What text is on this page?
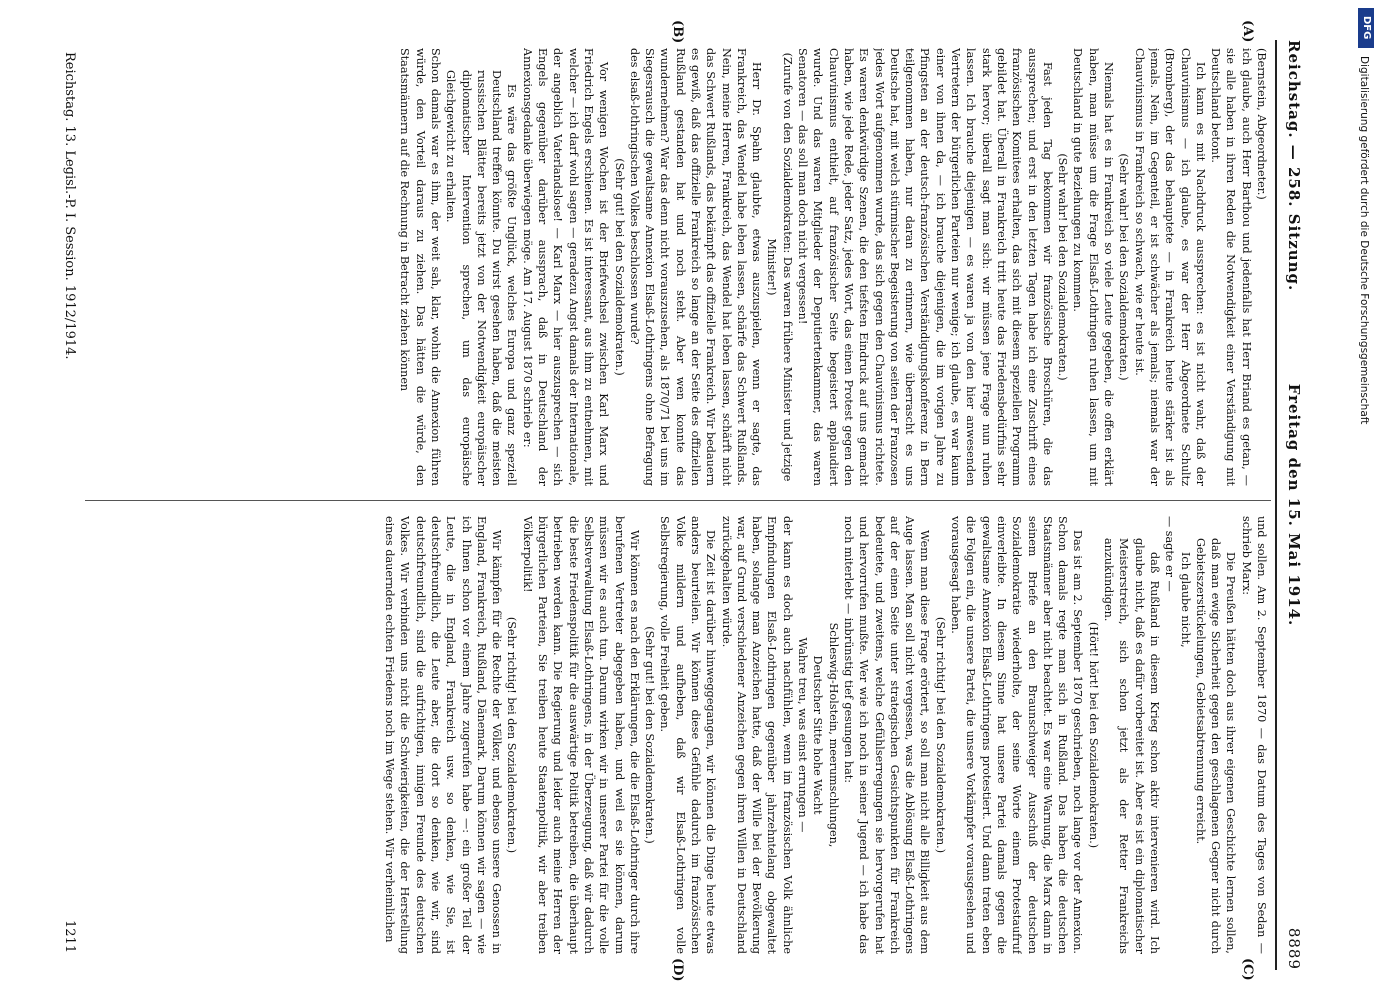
Reichstag. — 258. Sitzung.
Freitag den 15. Mai 1914.
8889
(A)
(B)
(C)
(D)

(Bernstein, Abgeordneter.)

ich glaube, auch Herr Barthou und jedenfalls hat Herr Briand es getan, — sie alle haben in ihren Reden die Notwendigkeit einer Verständigung mit Deutschland betont.

Ich kann es mit Nachdruck aussprechen: es ist nicht wahr, daß der Chauvinismus — ich glaube, es war der Herr Abgeordnete Schultz (Bromberg), der das behauptete — in Frankreich heute stärker ist als jemals. Nein, im Gegenteil, er ist schwächer als jemals; niemals war der Chauvinismus in Frankreich so schwach, wie er heute ist.

(Sehr wahr! bei den Sozialdemokraten.)

Niemals hat es in Frankreich so viele Leute gegeben, die offen erklärt haben, man müsse um die Frage Elsaß-Lothringen ruhen lassen, um mit Deutschland in gute Beziehungen zu kommen.

(Sehr wahr! bei den Sozialdemokraten.)

Fast jeden Tag bekommen wir französische Broschüren, die das aussprechen; und erst in den letzten Tagen habe ich eine Zuschrift eines französischen Komitees erhalten, das sich mit diesem speziellen Programm gebildet hat. Überall in Frankreich tritt heute das Friedensbedürfnis sehr stark hervor; überall sagt man sich: wir müssen jene Frage nun ruhen lassen. Ich brauche diejenigen — es waren ja von den hier anwesenden Vertretern der bürgerlichen Parteien nur wenige; ich glaube, es war kaum einer von ihnen da, — ich brauche diejenigen, die im vorigen Jahre zu Pfingsten an der deutsch-französischen Verständigungskonferenz in Bern teilgenommen haben, nur daran zu erinnern, wie überrascht es uns Deutsche hat, mit welch stürmischer Begeisterung von seiten der Franzosen jedes Wort aufgenommen wurde, das sich gegen den Chauvinismus richtete. Es waren denkwürdige Szenen, die den tiefsten Eindruck auf uns gemacht haben, wie jede Rede, jeder Satz, jedes Wort, das einen Protest gegen den Chauvinismus enthielt, auf französischer Seite begeistert applaudiert wurde. Und das waren Mitglieder der Deputiertenkammer, das waren Senatoren — das soll man doch nicht vergessen!

(Zurufe von den Sozialdemokraten: Das waren frühere Minister und jetzige Minister!)

Herr Dr. Spahn glaubte, etwas auszuspielen, wenn er sagte, das Frankreich, das Wendel habe leben lassen, schärfe das Schwert Rußlands. Nein, meine Herren, Frankreich, das Wendel hat leben lassen, schärft nicht das Schwert Rußlands, das bekämpft das offizielle Frankreich. Wir bedauern es gewiß, daß das offizielle Frankreich so lange an der Seite des offiziellen Rußland gestanden hat und noch steht. Aber wen konnte das wundernehmen? War das denn nicht vorauszusehen, als 1870/71 bei uns im Siegesrausch die gewaltsame Annexion Elsaß-Lothringens ohne Befragung des elsaß-lothringischen Volkes beschlossen wurde?

(Sehr gut! bei den Sozialdemokraten.)

Vor wenigen Wochen ist der Briefwechsel zwischen Karl Marx und Friedrich Engels erschienen. Es ist interessant, aus ihm zu entnehmen, mit welcher — ich darf wohl sagen — geradezu Angst damals der Internationale, der angeblich Vaterlandslose! — Karl Marx — hier auszusprechen — sich Engels gegenüber darüber aussprach, daß in Deutschland der Annexionsgedanke überwiegen möge. Am 17. August 1870 schrieb er:

Es wäre das größte Unglück, welches Europa und ganz speziell Deutschland treffen könnte. Du wirst gesehen haben, daß die meisten russischen Blätter bereits jetzt von der Notwendigkeit europäischer diplomatischer Intervention sprechen, um das europäische Gleichgewicht zu erhalten.

Schon damals war es ihm, der weit sah, klar, wohin die Annexion führen würde, den Vorteil daraus zu ziehen. Das hätten die würde, den Staatsmännern auf die Rechnung in Betracht ziehen können

und sollen. Am 2. September 1870 — das Datum des Tages von Sedan — schrieb Marx:

Die Preußen hätten doch aus ihrer eigenen Geschichte lernen sollen, daß man ewige Sicherheit gegen den geschlagenen Gegner nicht durch Gebietszerstückelungen, Gebietsabtrennung erreicht.

Ich glaube nicht,

— sagte er —

daß Rußland in diesem Krieg schon aktiv intervenieren wird. Ich glaube nicht, daß es dafür vorbereitet ist. Aber es ist ein diplomatischer Meisterstreich, sich schon jetzt als der Retter Frankreichs anzukündigen.

(Hört! hört! bei den Sozialdemokraten.)

Das ist am 2. September 1870 geschrieben, noch lange vor der Annexion. Schon damals regte man sich in Rußland. Das haben die deutschen Staatsmänner aber nicht beachtet. Es war eine Warnung, die Marx dann in seinem Briefe an den Braunschweiger Ausschuß der deutschen Sozialdemokratie wiederholte, der seine Worte einem Protestaufruf einverleibte. In diesem Sinne hat unsere Partei damals gegen die gewaltsame Annexion Elsaß-Lothringens protestiert. Und dann traten eben die Folgen ein, die unsere Partei, die unsere Vorkämpfer vorausgesehen und vorausgesagt haben.

(Sehr richtig! bei den Sozialdemokraten.)

Wenn man diese Frage erörtert, so soll man nicht alle Billigkeit aus dem Auge lassen. Man soll nicht vergessen, was die Ablösung Elsaß-Lothringens auf der einen Seite unter strategischen Gesichtspunkten für Frankreich bedeutete, und zweitens, welche Gefühlserregungen sie hervorgerufen hat und hervorrufen mußte. Wer wie ich noch in seiner Jugend — ich habe das noch miterlebt — inbrünstig tief gesungen hat:

Schleswig-Holstein, meerumschlungen,

Deutscher Sitte hohe Wacht

Wahre treu, was einst errungen —

der kann es doch auch nachfühlen, wenn im französischen Volk ähnliche Empfindungen Elsaß-Lothringen gegenüber jahrzehntelang obgewaltet haben, solange man Anzeichen hatte, daß der Wille bei der Bevölkerung war, auf Grund verschiedener Anzeichen gegen ihren Willen in Deutschland zurückgehalten würde.

Die Zeit ist darüber hinweggegangen, wir können die Dinge heute etwas anders beurteilen. Wir können diese Gefühle dadurch im französischen Volke mildern und aufheben, daß wir Elsaß-Lothringen volle Selbstregierung, volle Freiheit geben.

(Sehr gut! bei den Sozialdemokraten.)

Wir können es nach den Erklärungen, die die Elsaß-Lothringer durch ihre berufenen Vertreter abgegeben haben, und weil es sie können, darum müssen wir es auch tun. Darum wirken wir in unserer Partei für die volle Selbstverwaltung Elsaß-Lothringens, in der Überzeugung, daß wir dadurch die beste Friedenspolitik für die auswärtige Politik betreiben, die überhaupt betrieben werden kann. Die Regierung und leider auch meine Herren der bürgerlichen Parteien, Sie treiben heute Staatenpolitik, wir aber treiben Völkerpolitik!

(Sehr richtig! bei den Sozialdemokraten.)

Wir kämpfen für die Rechte der Völker, und ebenso unsere Genossen in England, Frankreich, Rußland, Dänemark. Darum können wir sagen — wie ich Ihnen schon vor einem Jahre zugerufen habe —: ein großer Teil der Leute, die in England, Frankreich usw. so denken, wie Sie, ist deutschfreundlich, die Leute aber, die dort so denken, wie wir, sind deutschfreundlich, sind die aufrichtigen, innigen Freunde des deutschen Volkes. Wir verbinden uns nicht die Schwierigkeiten, die der Herstellung eines dauernden echten Friedens noch im Wege stehen. Wir verheimlichen

Reichstag. 13. Legisl.-P. I. Session. 1912/1914.
1211
DFG
Digitalisierung gefördert durch die Deutsche Forschungsgemeinschaft
